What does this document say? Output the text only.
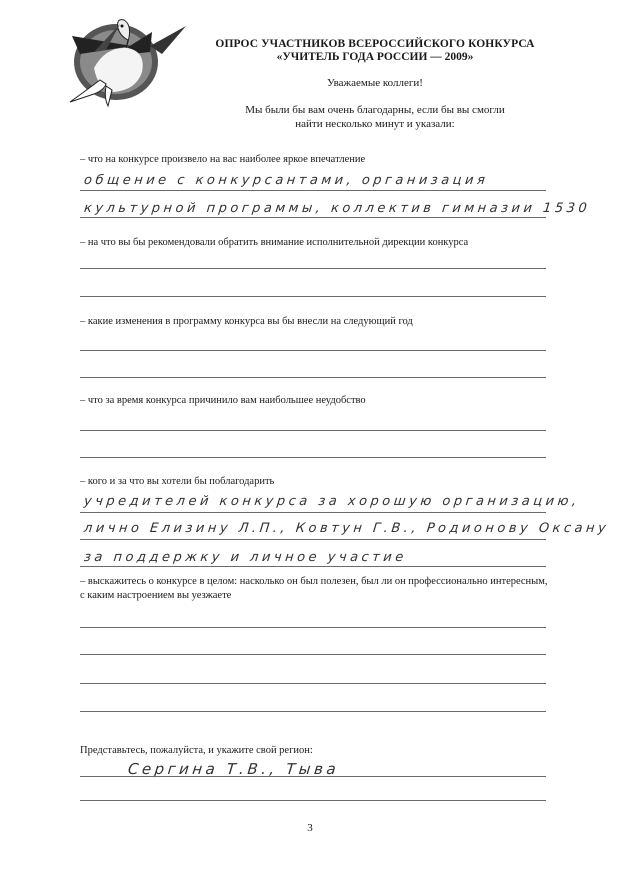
ОПРОС УЧАСТНИКОВ ВСЕРОССИЙСКОГО КОНКУРСА
«УЧИТЕЛЬ ГОДА РОССИИ — 2009»
Уважаемые коллеги!
Мы были бы вам очень благодарны, если бы вы смогли
найти несколько минут и указали:
– что на конкурсе произвело на вас наиболее яркое впечатление
общение с конкурсантами, организация
культурной программы, коллектив гимназии 1530
– на что вы бы рекомендовали обратить внимание исполнительной дирекции конкурса
– какие изменения в программу конкурса вы бы внесли на следующий год
– что за время конкурса причинило вам наибольшее неудобство
– кого и за что вы хотели бы поблагодарить
учредителей конкурса за хорошую организацию,
лично Елизину Л.П., Ковтун Г.В., Родионову Оксану
за поддержку и личное участие
– выскажитесь о конкурсе в целом: насколько он был полезен, был ли он профессионально интересным, с каким настроением вы уезжаете
Представьтесь, пожалуйста, и укажите свой регион:
Сергина Т.В., Тыва
3
